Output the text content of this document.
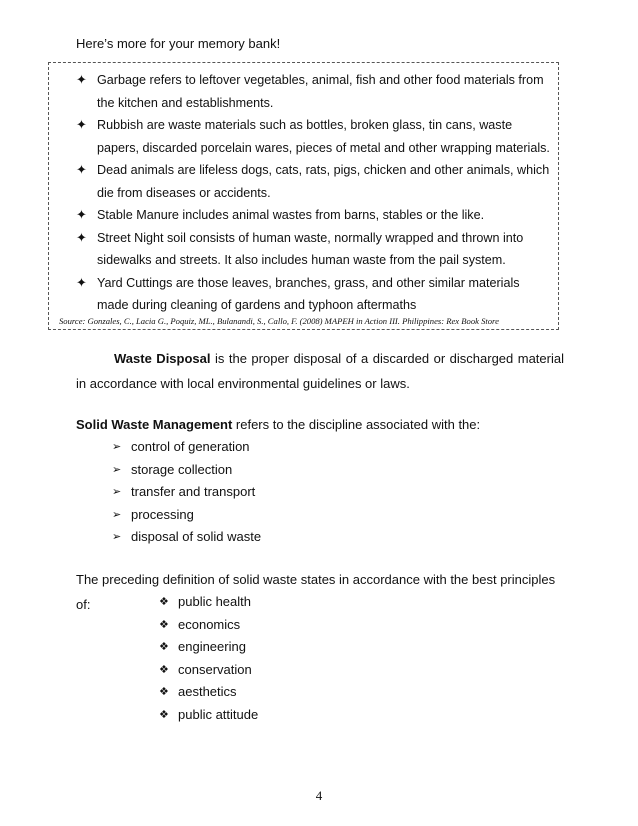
Here’s more for your memory bank!
✦ Garbage refers to leftover vegetables, animal, fish and other food materials from the kitchen and establishments.
✦ Rubbish are waste materials such as bottles, broken glass, tin cans, waste papers, discarded porcelain wares, pieces of metal and other wrapping materials.
✦ Dead animals are lifeless dogs, cats, rats, pigs, chicken and other animals, which die from diseases or accidents.
✦ Stable Manure includes animal wastes from barns, stables or the like.
✦ Street Night soil consists of human waste, normally wrapped and thrown into sidewalks and streets. It also includes human waste from the pail system.
✦ Yard Cuttings are those leaves, branches, grass, and other similar materials made during cleaning of gardens and typhoon aftermaths
Source: Gonzales, C., Lacia G., Poquiz, ML., Bulanandi, S., Callo, F. (2008) MAPEH in Action III. Philippines: Rex Book Store
Waste Disposal is the proper disposal of a discarded or discharged material in accordance with local environmental guidelines or laws.
Solid Waste Management refers to the discipline associated with the:
➢ control of generation
➢ storage collection
➢ transfer and transport
➢ processing
➢ disposal of solid waste
The preceding definition of solid waste states in accordance with the best principles of:	❖ public health
❖ economics
❖ engineering
❖ conservation
❖ aesthetics
❖ public attitude
4
